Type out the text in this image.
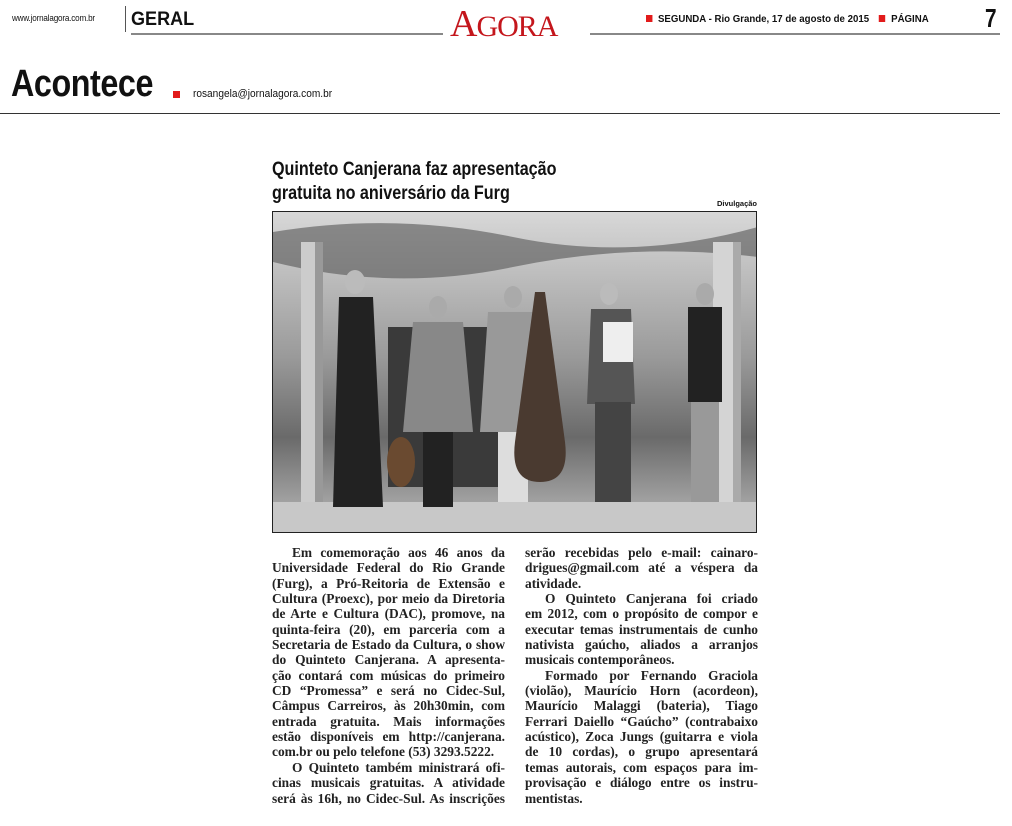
www.jornalagora.com.br GERAL	AGORA	SEGUNDA - Rio Grande, 17 de agosto de 2015 PÁGINA 7
Acontece	rosangela@jornalagora.com.br
Quinteto Canjerana faz apresentação
gratuita no aniversário da Furg	Divulgação
Em comemoração aos 46 anos da
Universidade Federal do Rio Grande
(Furg), a Pró-Reitoria de Extensão e
Cultura (Proexc), por meio da Diretoria
de Arte e Cultura (DAC), promove, na
quinta-feira (20), em parceria com a
Secretaria de Estado da Cultura, o show
do Quinteto Canjerana. A apresenta-
ção contará com músicas do primeiro
CD “Promessa” e será no Cidec-Sul,
Câmpus Carreiros, às 20h30min, com
entrada gratuita. Mais informações
estão disponíveis em http://canjerana.
com.br ou pelo telefone (53) 3293.5222.
O Quinteto também ministrará ofi-
cinas musicais gratuitas. A atividade
será às 16h, no Cidec-Sul. As inscrições
serão recebidas pelo e-mail: cainaro-
drigues@gmail.com até a véspera da
atividade.
O Quinteto Canjerana foi criado
em 2012, com o propósito de compor e
executar temas instrumentais de cunho
nativista gaúcho, aliados a arranjos
musicais contemporâneos.
Formado por Fernando Graciola
(violão), Maurício Horn (acordeon),
Maurício Malaggi (bateria), Tiago
Ferrari Daiello “Gaúcho” (contrabaixo
acústico), Zoca Jungs (guitarra e viola
de 10 cordas), o grupo apresentará
temas autorais, com espaços para im-
provisação e diálogo entre os instru-
mentistas.
